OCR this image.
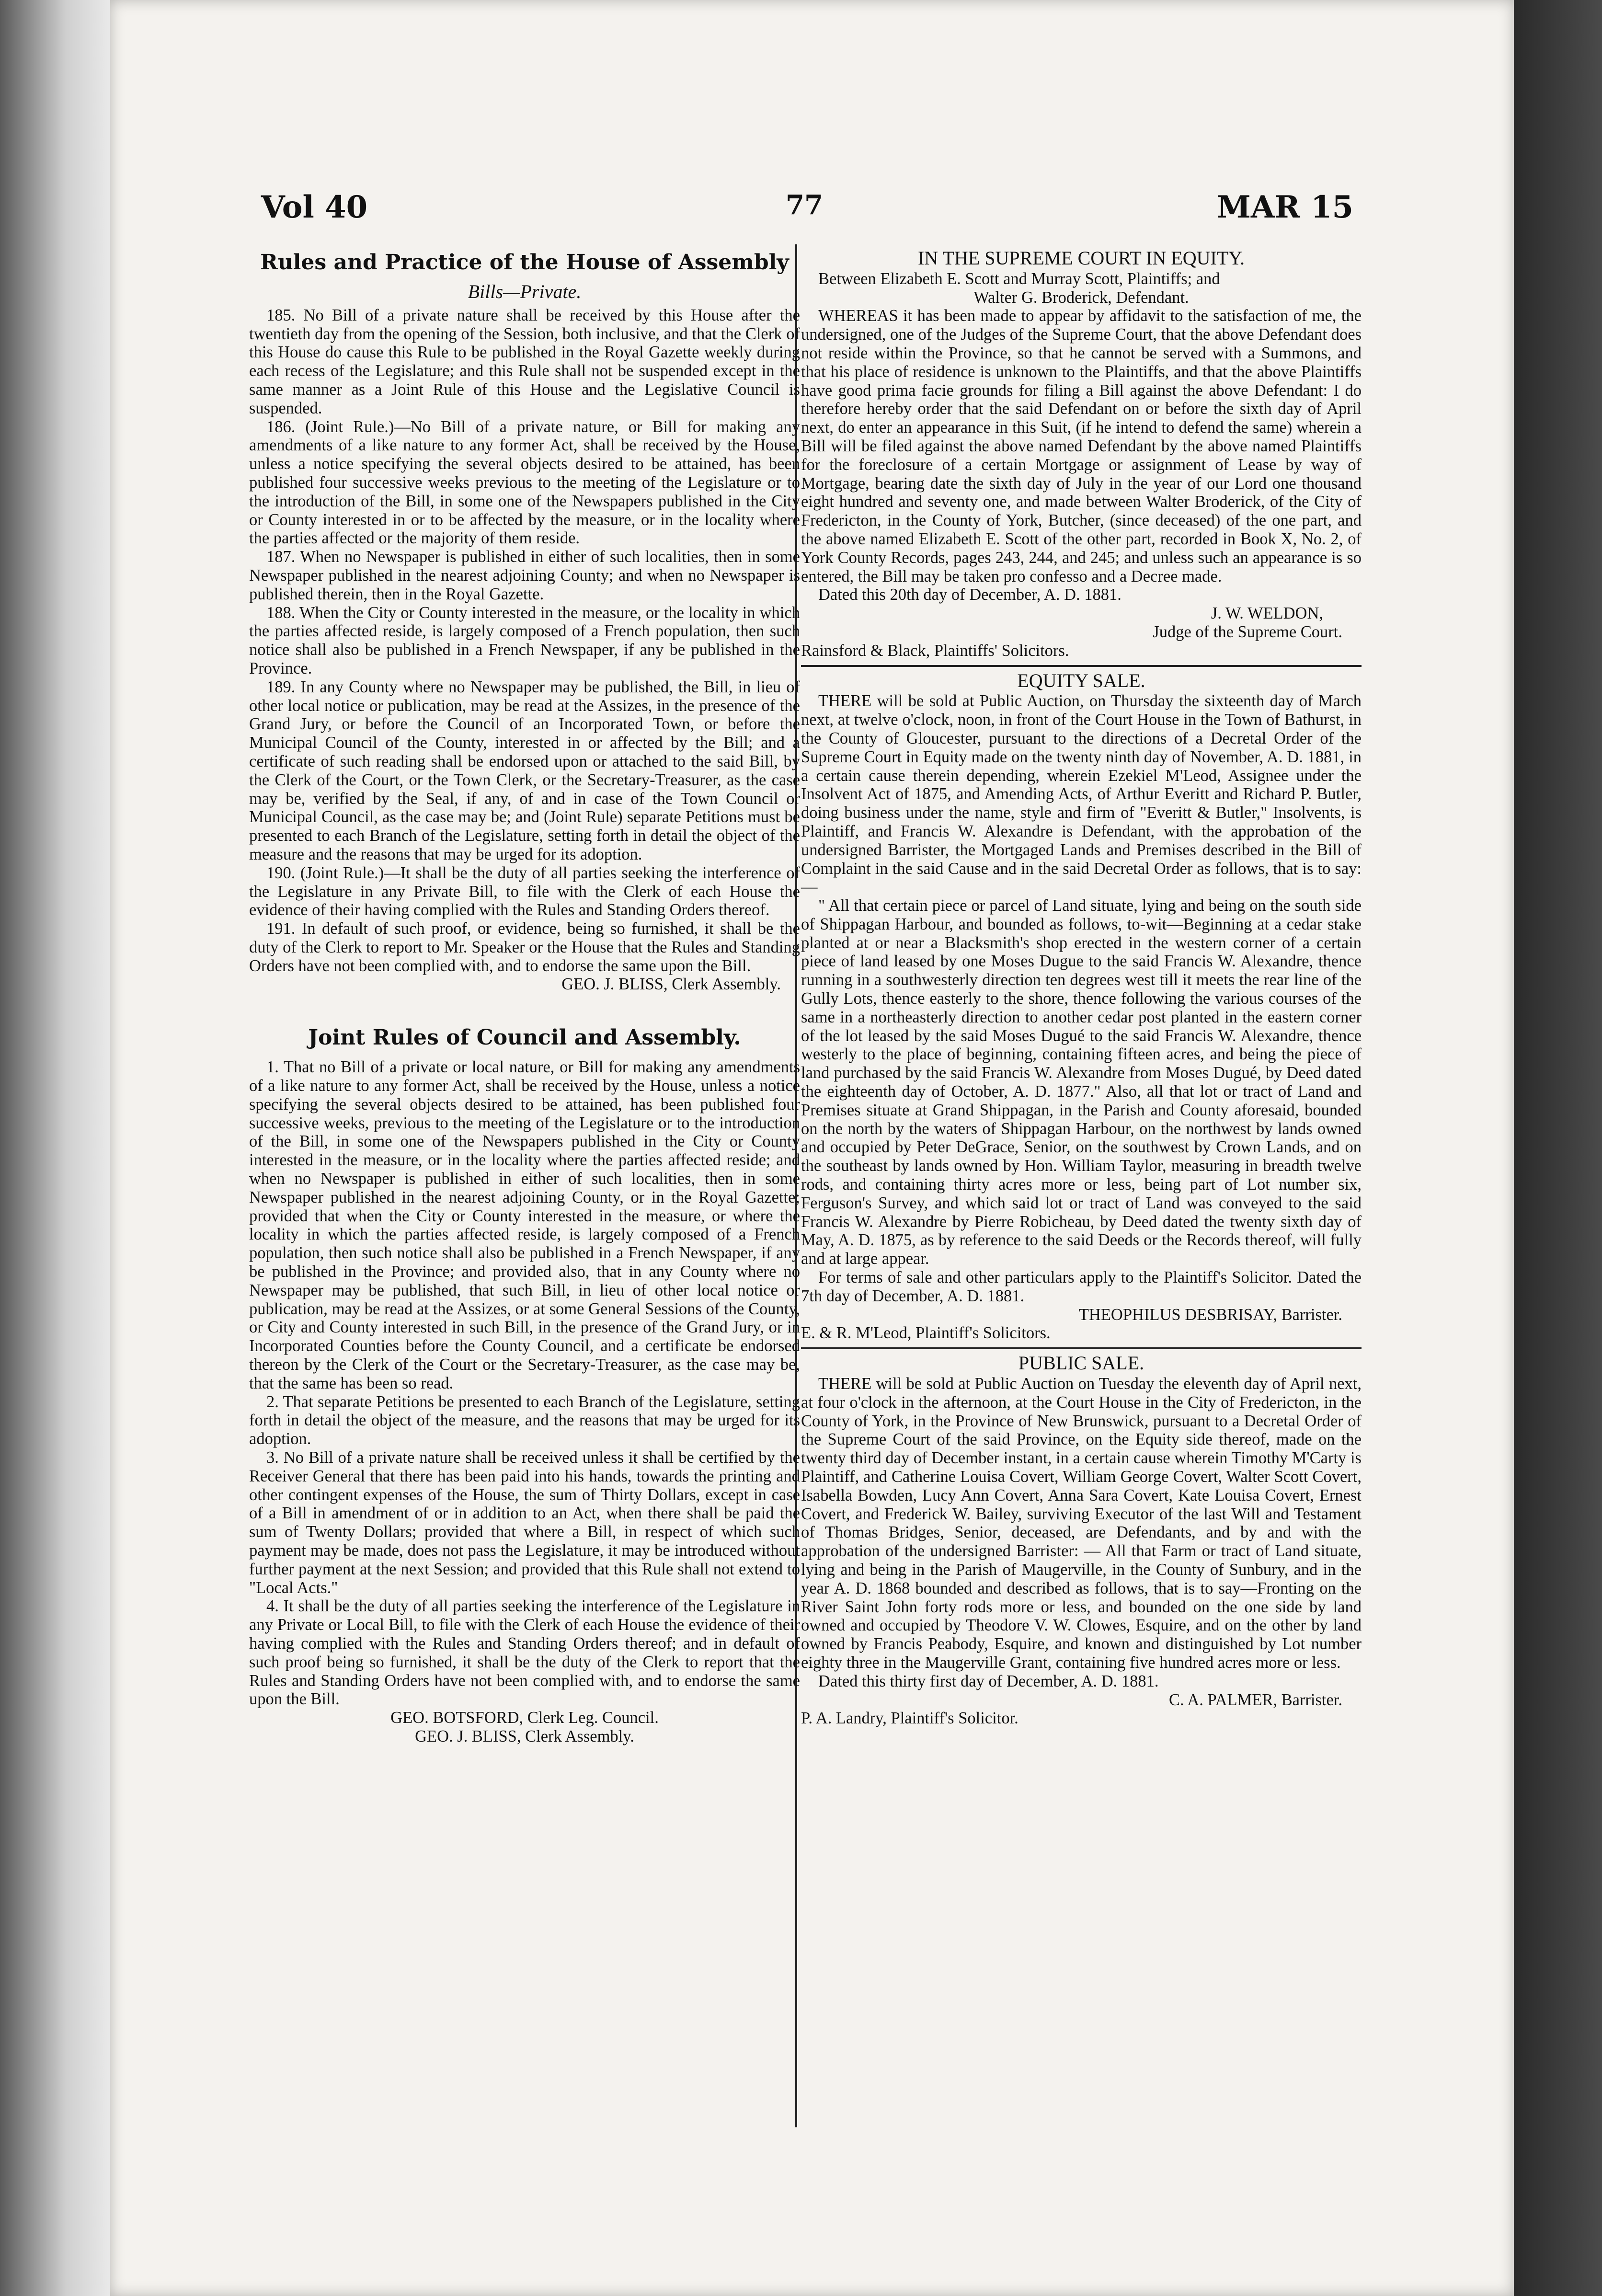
Vol 40	77	MAR 15
Rules and Practice of the House of Assembly
Bills—Private.

185. No Bill of a private nature shall be received by this House after the twentieth day from the opening of the Session, both inclusive, and that the Clerk of this House do cause this Rule to be published in the Royal Gazette weekly during each recess of the Legislature; and this Rule shall not be suspended except in the same manner as a Joint Rule of this House and the Legislative Council is suspended.

186. (Joint Rule.)—No Bill of a private nature, or Bill for making any amendments of a like nature to any former Act, shall be received by the House, unless a notice specifying the several objects desired to be attained, has been published four successive weeks previous to the meeting of the Legislature or to the introduction of the Bill, in some one of the Newspapers published in the City or County interested in or to be affected by the measure, or in the locality where the parties affected or the majority of them reside.

187. When no Newspaper is published in either of such localities, then in some Newspaper published in the nearest adjoining County; and when no Newspaper is published therein, then in the Royal Gazette.

188. When the City or County interested in the measure, or the locality in which the parties affected reside, is largely composed of a French population, then such notice shall also be published in a French Newspaper, if any be published in the Province.

189. In any County where no Newspaper may be published, the Bill, in lieu of other local notice or publication, may be read at the Assizes, in the presence of the Grand Jury, or before the Council of an Incorporated Town, or before the Municipal Council of the County, interested in or affected by the Bill; and a certificate of such reading shall be endorsed upon or attached to the said Bill, by the Clerk of the Court, or the Town Clerk, or the Secretary-Treasurer, as the case may be, verified by the Seal, if any, of and in case of the Town Council or Municipal Council, as the case may be; and (Joint Rule) separate Petitions must be presented to each Branch of the Legislature, setting forth in detail the object of the measure and the reasons that may be urged for its adoption.

190. (Joint Rule.)—It shall be the duty of all parties seeking the interference of the Legislature in any Private Bill, to file with the Clerk of each House the evidence of their having complied with the Rules and Standing Orders thereof.

191. In default of such proof, or evidence, being so furnished, it shall be the duty of the Clerk to report to Mr. Speaker or the House that the Rules and Standing Orders have not been complied with, and to endorse the same upon the Bill.

GEO. J. BLISS, Clerk Assembly.

Joint Rules of Council and Assembly.

1. That no Bill of a private or local nature, or Bill for making any amendments of a like nature to any former Act, shall be received by the House, unless a notice specifying the several objects desired to be attained, has been published four successive weeks, previous to the meeting of the Legislature or to the introduction of the Bill, in some one of the Newspapers published in the City or County interested in the measure, or in the locality where the parties affected reside; and when no Newspaper is published in either of such localities, then in some Newspaper published in the nearest adjoining County, or in the Royal Gazette; provided that when the City or County interested in the measure, or where the locality in which the parties affected reside, is largely composed of a French population, then such notice shall also be published in a French Newspaper, if any be published in the Province; and provided also, that in any County where no Newspaper may be published, that such Bill, in lieu of other local notice or publication, may be read at the Assizes, or at some General Sessions of the County, or City and County interested in such Bill, in the presence of the Grand Jury, or in Incorporated Counties before the County Council, and a certificate be endorsed thereon by the Clerk of the Court or the Secretary-Treasurer, as the case may be, that the same has been so read.

2. That separate Petitions be presented to each Branch of the Legislature, setting forth in detail the object of the measure, and the reasons that may be urged for its adoption.

3. No Bill of a private nature shall be received unless it shall be certified by the Receiver General that there has been paid into his hands, towards the printing and other contingent expenses of the House, the sum of Thirty Dollars, except in case of a Bill in amendment of or in addition to an Act, when there shall be paid the sum of Twenty Dollars; provided that where a Bill, in respect of which such payment may be made, does not pass the Legislature, it may be introduced without further payment at the next Session; and provided that this Rule shall not extend to "Local Acts."

4. It shall be the duty of all parties seeking the interference of the Legislature in any Private or Local Bill, to file with the Clerk of each House the evidence of their having complied with the Rules and Standing Orders thereof; and in default of such proof being so furnished, it shall be the duty of the Clerk to report that the Rules and Standing Orders have not been complied with, and to endorse the same upon the Bill.

GEO. BOTSFORD, Clerk Leg. Council.

GEO. J. BLISS, Clerk Assembly.

IN THE SUPREME COURT IN EQUITY.

Between Elizabeth E. Scott and Murray Scott, Plaintiffs; and

Walter G. Broderick, Defendant.

WHEREAS it has been made to appear by affidavit to the satisfaction of me, the undersigned, one of the Judges of the Supreme Court, that the above Defendant does not reside within the Province, so that he cannot be served with a Summons, and that his place of residence is unknown to the Plaintiffs, and that the above Plaintiffs have good prima facie grounds for filing a Bill against the above Defendant: I do therefore hereby order that the said Defendant on or before the sixth day of April next, do enter an appearance in this Suit, (if he intend to defend the same) wherein a Bill will be filed against the above named Defendant by the above named Plaintiffs for the foreclosure of a certain Mortgage or assignment of Lease by way of Mortgage, bearing date the sixth day of July in the year of our Lord one thousand eight hundred and seventy one, and made between Walter Broderick, of the City of Fredericton, in the County of York, Butcher, (since deceased) of the one part, and the above named Elizabeth E. Scott of the other part, recorded in Book X, No. 2, of York County Records, pages 243, 244, and 245; and unless such an appearance is so entered, the Bill may be taken pro confesso and a Decree made.

Dated this 20th day of December, A. D. 1881.

J. W. WELDON,

Judge of the Supreme Court.

Rainsford & Black, Plaintiffs' Solicitors.

EQUITY SALE.

THERE will be sold at Public Auction, on Thursday the sixteenth day of March next, at twelve o'clock, noon, in front of the Court House in the Town of Bathurst, in the County of Gloucester, pursuant to the directions of a Decretal Order of the Supreme Court in Equity made on the twenty ninth day of November, A. D. 1881, in a certain cause therein depending, wherein Ezekiel M'Leod, Assignee under the Insolvent Act of 1875, and Amending Acts, of Arthur Everitt and Richard P. Butler, doing business under the name, style and firm of "Everitt & Butler," Insolvents, is Plaintiff, and Francis W. Alexandre is Defendant, with the approbation of the undersigned Barrister, the Mortgaged Lands and Premises described in the Bill of Complaint in the said Cause and in the said Decretal Order as follows, that is to say:—

" All that certain piece or parcel of Land situate, lying and being on the south side of Shippagan Harbour, and bounded as follows, to-wit—Beginning at a cedar stake planted at or near a Blacksmith's shop erected in the western corner of a certain piece of land leased by one Moses Dugue to the said Francis W. Alexandre, thence running in a southwesterly direction ten degrees west till it meets the rear line of the Gully Lots, thence easterly to the shore, thence following the various courses of the same in a northeasterly direction to another cedar post planted in the eastern corner of the lot leased by the said Moses Dugué to the said Francis W. Alexandre, thence westerly to the place of beginning, containing fifteen acres, and being the piece of land purchased by the said Francis W. Alexandre from Moses Dugué, by Deed dated the eighteenth day of October, A. D. 1877." Also, all that lot or tract of Land and Premises situate at Grand Shippagan, in the Parish and County aforesaid, bounded on the north by the waters of Shippagan Harbour, on the northwest by lands owned and occupied by Peter DeGrace, Senior, on the southwest by Crown Lands, and on the southeast by lands owned by Hon. William Taylor, measuring in breadth twelve rods, and containing thirty acres more or less, being part of Lot number six, Ferguson's Survey, and which said lot or tract of Land was conveyed to the said Francis W. Alexandre by Pierre Robicheau, by Deed dated the twenty sixth day of May, A. D. 1875, as by reference to the said Deeds or the Records thereof, will fully and at large appear.

For terms of sale and other particulars apply to the Plaintiff's Solicitor. Dated the 7th day of December, A. D. 1881.

THEOPHILUS DESBRISAY, Barrister.

E. & R. M'Leod, Plaintiff's Solicitors.

PUBLIC SALE.

THERE will be sold at Public Auction on Tuesday the eleventh day of April next, at four o'clock in the afternoon, at the Court House in the City of Fredericton, in the County of York, in the Province of New Brunswick, pursuant to a Decretal Order of the Supreme Court of the said Province, on the Equity side thereof, made on the twenty third day of December instant, in a certain cause wherein Timothy M'Carty is Plaintiff, and Catherine Louisa Covert, William George Covert, Walter Scott Covert, Isabella Bowden, Lucy Ann Covert, Anna Sara Covert, Kate Louisa Covert, Ernest Covert, and Frederick W. Bailey, surviving Executor of the last Will and Testament of Thomas Bridges, Senior, deceased, are Defendants, and by and with the approbation of the undersigned Barrister: — All that Farm or tract of Land situate, lying and being in the Parish of Maugerville, in the County of Sunbury, and in the year A. D. 1868 bounded and described as follows, that is to say—Fronting on the River Saint John forty rods more or less, and bounded on the one side by land owned and occupied by Theodore V. W. Clowes, Esquire, and on the other by land owned by Francis Peabody, Esquire, and known and distinguished by Lot number eighty three in the Maugerville Grant, containing five hundred acres more or less.

Dated this thirty first day of December, A. D. 1881.

C. A. PALMER, Barrister.

P. A. Landry, Plaintiff's Solicitor.
